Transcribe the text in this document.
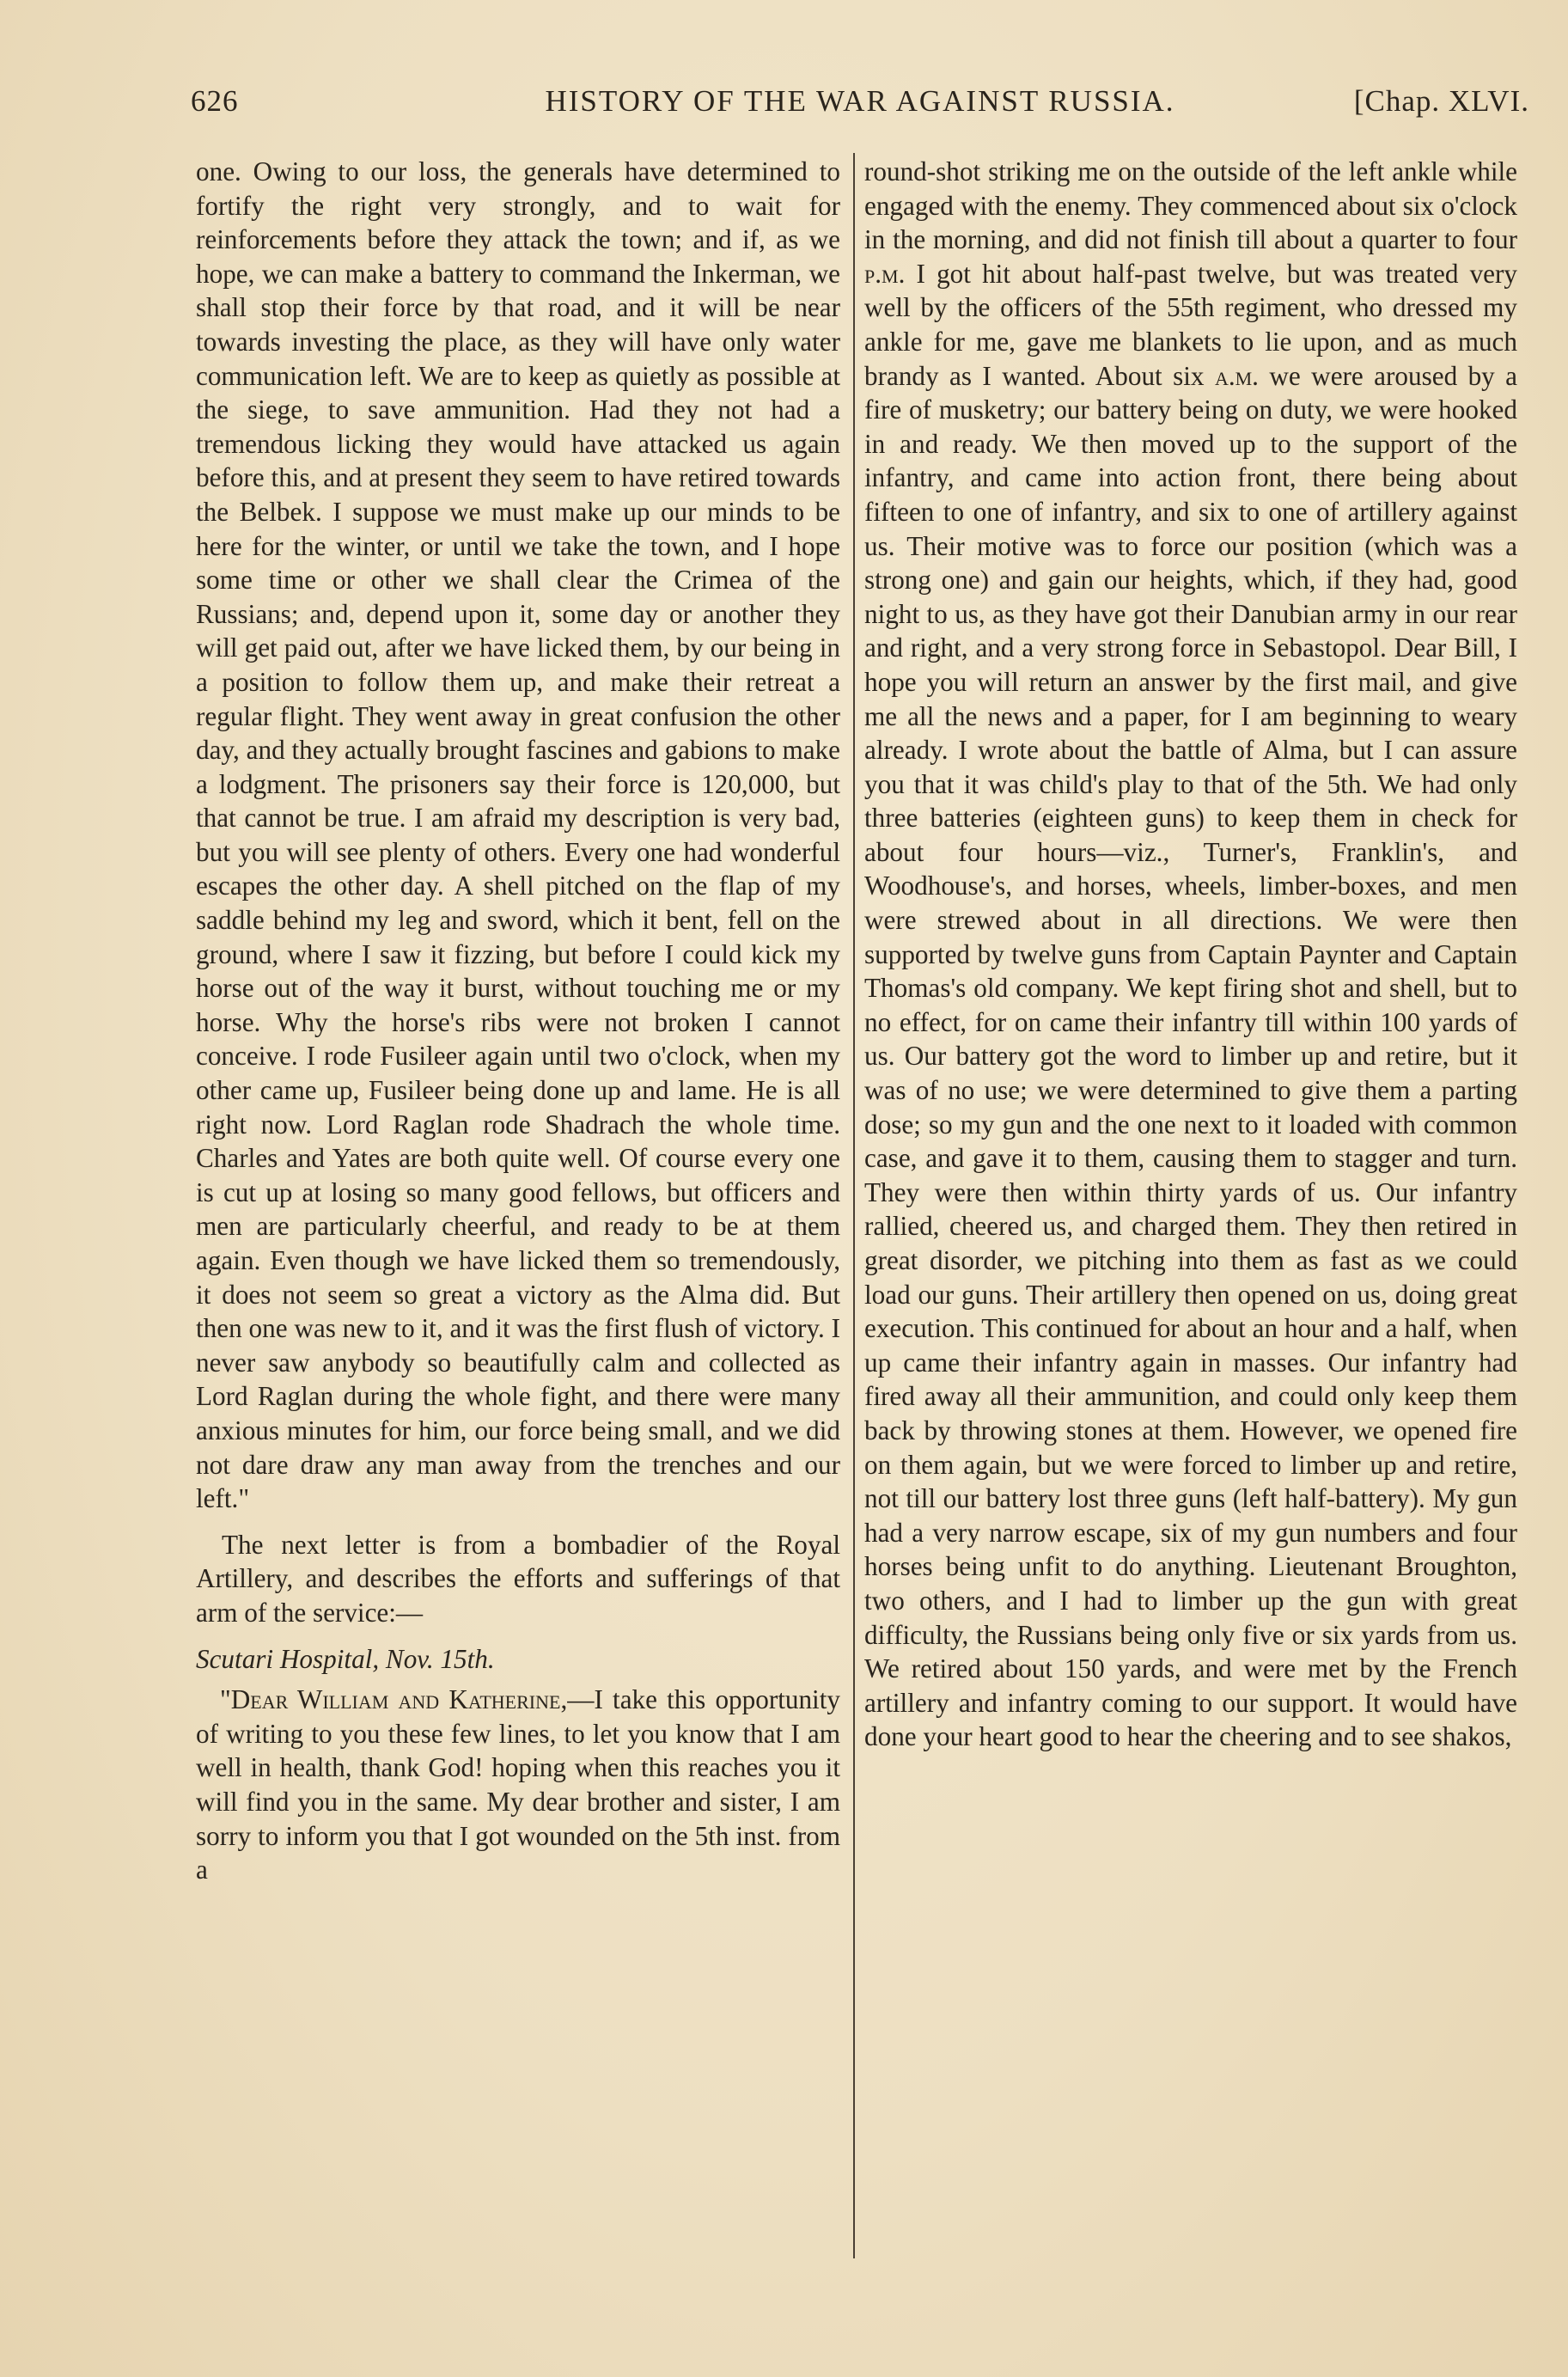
626	HISTORY OF THE WAR AGAINST RUSSIA.	[Chap. XLVI.

one. Owing to our loss, the generals have determined to fortify the right very strongly, and to wait for reinforcements before they attack the town; and if, as we hope, we can make a battery to command the Inkerman, we shall stop their force by that road, and it will be near towards investing the place, as they will have only water communication left. We are to keep as quietly as possible at the siege, to save ammunition. Had they not had a tremendous licking they would have attacked us again before this, and at present they seem to have retired towards the Belbek. I suppose we must make up our minds to be here for the winter, or until we take the town, and I hope some time or other we shall clear the Crimea of the Russians; and, depend upon it, some day or another they will get paid out, after we have licked them, by our being in a position to follow them up, and make their retreat a regular flight. They went away in great confusion the other day, and they actually brought fascines and gabions to make a lodgment. The prisoners say their force is 120,000, but that cannot be true. I am afraid my description is very bad, but you will see plenty of others. Every one had wonderful escapes the other day. A shell pitched on the flap of my saddle behind my leg and sword, which it bent, fell on the ground, where I saw it fizzing, but before I could kick my horse out of the way it burst, without touching me or my horse. Why the horse's ribs were not broken I cannot conceive. I rode Fusileer again until two o'clock, when my other came up, Fusileer being done up and lame. He is all right now. Lord Raglan rode Shadrach the whole time. Charles and Yates are both quite well. Of course every one is cut up at losing so many good fellows, but officers and men are particularly cheerful, and ready to be at them again. Even though we have licked them so tremendously, it does not seem so great a victory as the Alma did. But then one was new to it, and it was the first flush of victory. I never saw anybody so beautifully calm and collected as Lord Raglan during the whole fight, and there were many anxious minutes for him, our force being small, and we did not dare draw any man away from the trenches and our left."

The next letter is from a bombadier of the Royal Artillery, and describes the efforts and sufferings of that arm of the service:—

Scutari Hospital, Nov. 15th.

"Dear William and Katherine,—I take this opportunity of writing to you these few lines, to let you know that I am well in health, thank God! hoping when this reaches you it will find you in the same. My dear brother and sister, I am sorry to inform you that I got wounded on the 5th inst. from a

round-shot striking me on the outside of the left ankle while engaged with the enemy. They commenced about six o'clock in the morning, and did not finish till about a quarter to four p.m. I got hit about half-past twelve, but was treated very well by the officers of the 55th regiment, who dressed my ankle for me, gave me blankets to lie upon, and as much brandy as I wanted. About six a.m. we were aroused by a fire of musketry; our battery being on duty, we were hooked in and ready. We then moved up to the support of the infantry, and came into action front, there being about fifteen to one of infantry, and six to one of artillery against us. Their motive was to force our position (which was a strong one) and gain our heights, which, if they had, good night to us, as they have got their Danubian army in our rear and right, and a very strong force in Sebastopol. Dear Bill, I hope you will return an answer by the first mail, and give me all the news and a paper, for I am beginning to weary already. I wrote about the battle of Alma, but I can assure you that it was child's play to that of the 5th. We had only three batteries (eighteen guns) to keep them in check for about four hours—viz., Turner's, Franklin's, and Woodhouse's, and horses, wheels, limber-boxes, and men were strewed about in all directions. We were then supported by twelve guns from Captain Paynter and Captain Thomas's old company. We kept firing shot and shell, but to no effect, for on came their infantry till within 100 yards of us. Our battery got the word to limber up and retire, but it was of no use; we were determined to give them a parting dose; so my gun and the one next to it loaded with common case, and gave it to them, causing them to stagger and turn. They were then within thirty yards of us. Our infantry rallied, cheered us, and charged them. They then retired in great disorder, we pitching into them as fast as we could load our guns. Their artillery then opened on us, doing great execution. This continued for about an hour and a half, when up came their infantry again in masses. Our infantry had fired away all their ammunition, and could only keep them back by throwing stones at them. However, we opened fire on them again, but we were forced to limber up and retire, not till our battery lost three guns (left half-battery). My gun had a very narrow escape, six of my gun numbers and four horses being unfit to do anything. Lieutenant Broughton, two others, and I had to limber up the gun with great difficulty, the Russians being only five or six yards from us. We retired about 150 yards, and were met by the French artillery and infantry coming to our support. It would have done your heart good to hear the cheering and to see shakos,
